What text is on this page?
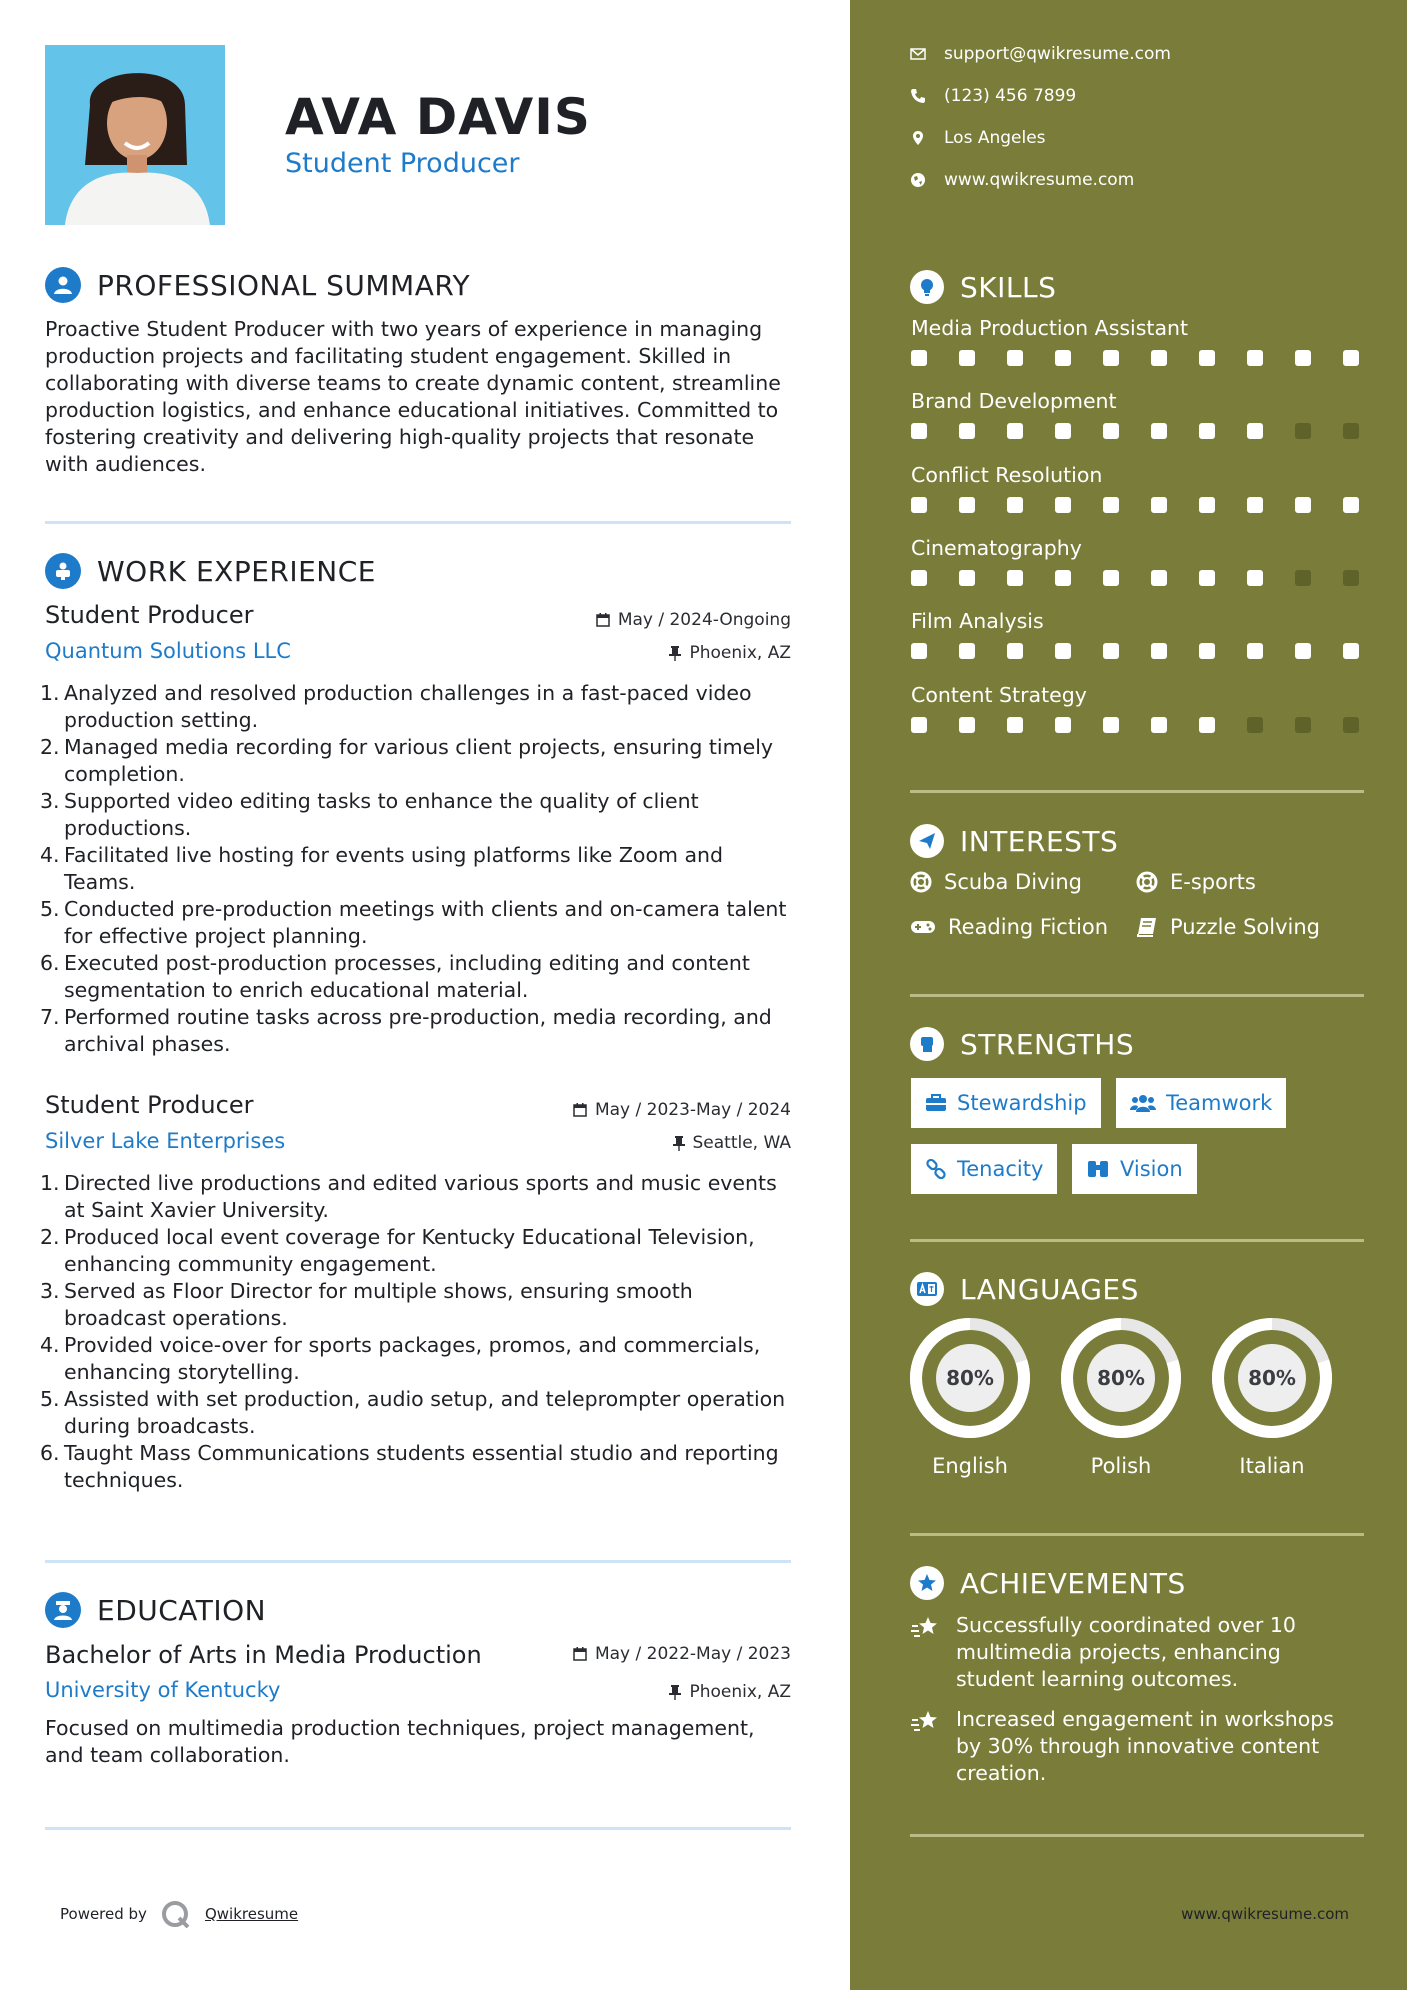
AVA DAVIS
Student Producer
PROFESSIONAL SUMMARY

Proactive Student Producer with two years of experience in managing production projects and facilitating student engagement. Skilled in collaborating with diverse teams to create dynamic content, streamline production logistics, and enhance educational initiatives. Committed to fostering creativity and delivering high-quality projects that resonate with audiences.

WORK EXPERIENCE
Student Producer	May / 2024-Ongoing
Quantum Solutions LLC	Phoenix, AZ
1. Analyzed and resolved production challenges in a fast-paced video production setting.
2. Managed media recording for various client projects, ensuring timely completion.
3. Supported video editing tasks to enhance the quality of client productions.
4. Facilitated live hosting for events using platforms like Zoom and Teams.
5. Conducted pre-production meetings with clients and on-camera talent for effective project planning.
6. Executed post-production processes, including editing and content segmentation to enrich educational material.
7. Performed routine tasks across pre-production, media recording, and archival phases.
Student Producer	May / 2023-May / 2024
Silver Lake Enterprises	Seattle, WA
1. Directed live productions and edited various sports and music events at Saint Xavier University.
2. Produced local event coverage for Kentucky Educational Television, enhancing community engagement.
3. Served as Floor Director for multiple shows, ensuring smooth broadcast operations.
4. Provided voice-over for sports packages, promos, and commercials, enhancing storytelling.
5. Assisted with set production, audio setup, and teleprompter operation during broadcasts.
6. Taught Mass Communications students essential studio and reporting techniques.
EDUCATION
Bachelor of Arts in Media Production	May / 2022-May / 2023
University of Kentucky	Phoenix, AZ

Focused on multimedia production techniques, project management, and team collaboration.

Powered by	Qwikresume
support@qwikresume.com
(123) 456 7899
Los Angeles
www.qwikresume.com
SKILLS
Media Production Assistant
Brand Development
Conflict Resolution
Cinematography
Film Analysis
Content Strategy
INTERESTS
Scuba Diving	E-sports
Reading Fiction	Puzzle Solving
STRENGTHS
Stewardship	Teamwork
Tenacity	Vision
LANGUAGES
80%
English
80%
Polish
80%
Italian
ACHIEVEMENTS

Successfully coordinated over 10 multimedia projects, enhancing student learning outcomes.

Increased engagement in workshops by 30% through innovative content creation.

www.qwikresume.com
